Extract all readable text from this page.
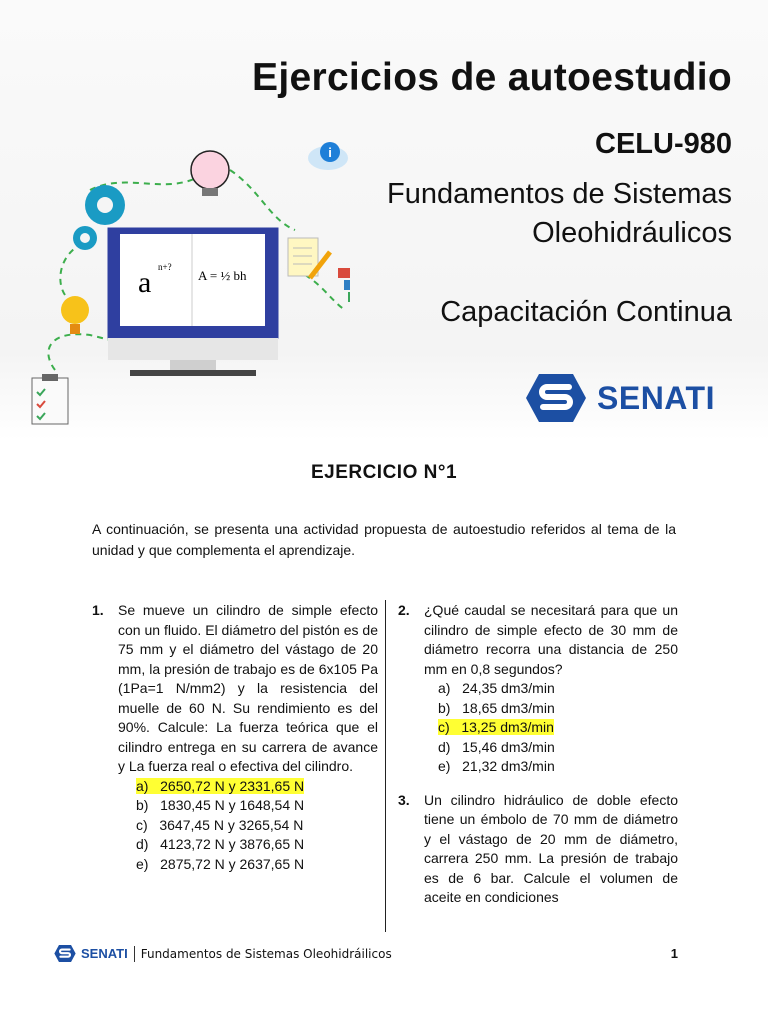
i
a n+?
A = ½ bh
Ejercicios de autoestudio
CELU-980
Fundamentos de Sistemas Oleohidráulicos
Capacitación Continua
SENATI
EJERCICIO N°1
A continuación, se presenta una actividad propuesta de autoestudio referidos al tema de la unidad y que complementa el aprendizaje.
1.	Se mueve un cilindro de simple efecto con un fluido. El diámetro del pistón es de 75 mm y el diámetro del vástago de 20 mm, la presión de trabajo es de 6x105 Pa (1Pa=1 N/mm2) y la resistencia del muelle de 60 N. Su rendimiento es del 90%. Calcule: La fuerza teórica que el cilindro entrega en su carrera de avance y La fuerza real o efectiva del cilindro.
a) 2650,72 N y 2331,65 N
b) 1830,45 N y 1648,54 N
c) 3647,45 N y 3265,54 N
d) 4123,72 N y 3876,65 N
e) 2875,72 N y 2637,65 N
2.	¿Qué caudal se necesitará para que un cilindro de simple efecto de 30 mm de diámetro recorra una distancia de 250 mm en 0,8 segundos?
a) 24,35 dm3/min
b) 18,65 dm3/min
c) 13,25 dm3/min
d) 15,46 dm3/min
e) 21,32 dm3/min
3.	Un cilindro hidráulico de doble efecto tiene un émbolo de 70 mm de diámetro y el vástago de 20 mm de diámetro, carrera 250 mm. La presión de trabajo es de 6 bar. Calcule el volumen de aceite en condiciones
SENATI Fundamentos de Sistemas Oleohidráilicos	1
